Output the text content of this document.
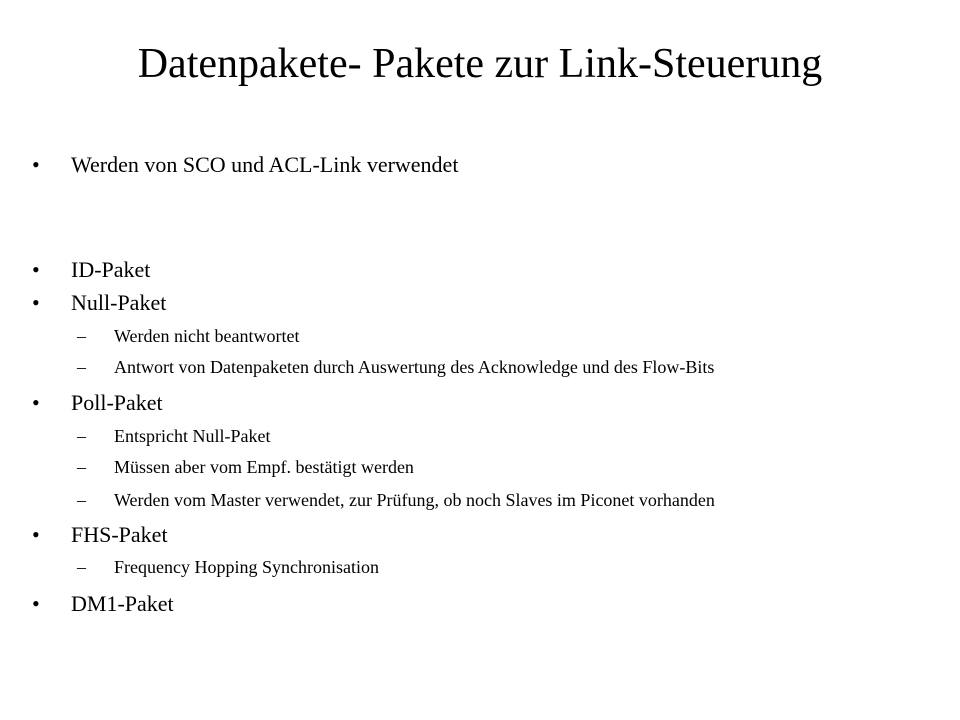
Datenpakete- Pakete zur Link-Steuerung
• Werden von SCO und ACL-Link verwendet
• ID-Paket
• Null-Paket
– Werden nicht beantwortet
– Antwort von Datenpaketen durch Auswertung des Acknowledge und des Flow-Bits
• Poll-Paket
– Entspricht Null-Paket
– Müssen aber vom Empf. bestätigt werden
– Werden vom Master verwendet, zur Prüfung, ob noch Slaves im Piconet vorhanden
• FHS-Paket
– Frequency Hopping Synchronisation
• DM1-Paket
